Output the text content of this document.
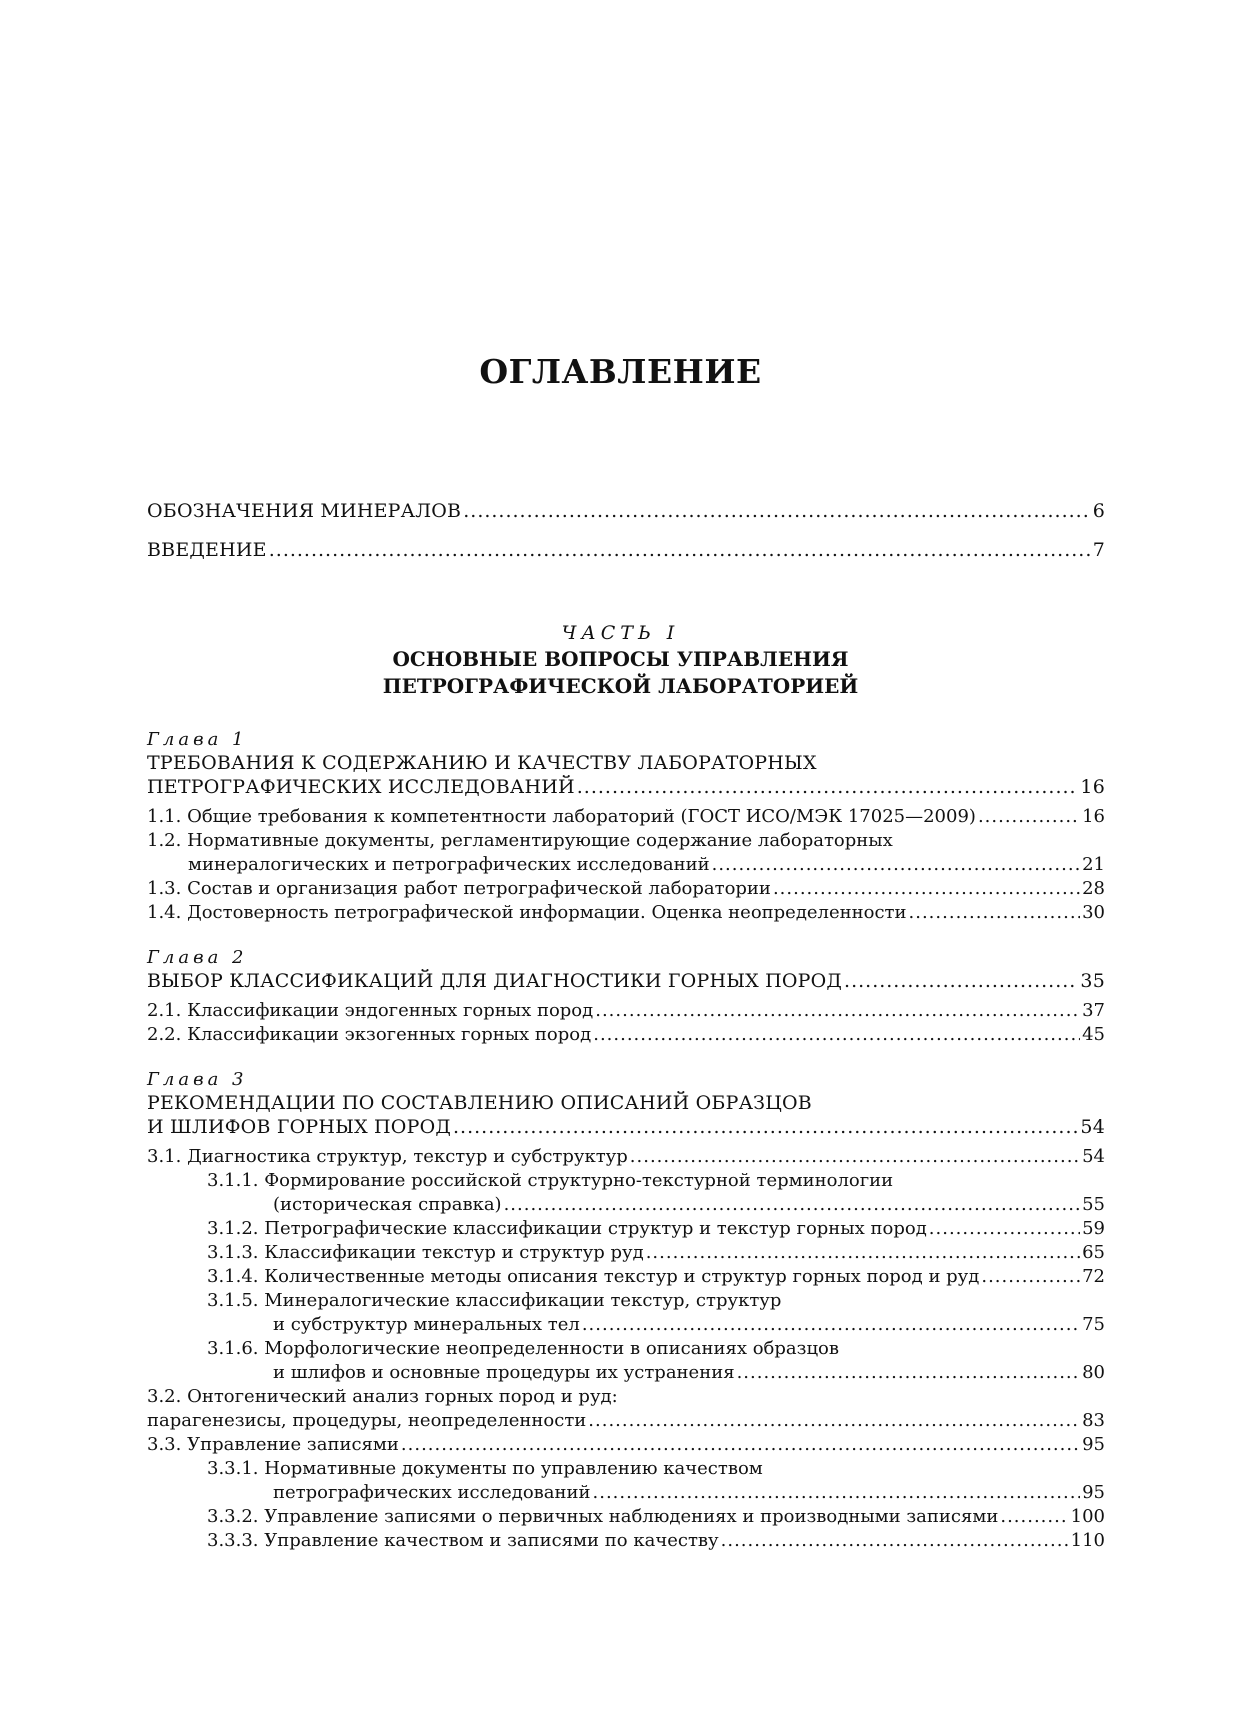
ОГЛАВЛЕНИЕ
ОБОЗНАЧЕНИЯ МИНЕРАЛОВ .....	6
ВВЕДЕНИЕ .....	7
ЧАСТЬ I
ОСНОВНЫЕ ВОПРОСЫ УПРАВЛЕНИЯ
ПЕТРОГРАФИЧЕСКОЙ ЛАБОРАТОРИЕЙ
Глава 1
ТРЕБОВАНИЯ К СОДЕРЖАНИЮ И КАЧЕСТВУ ЛАБОРАТОРНЫХ
ПЕТРОГРАФИЧЕСКИХ ИССЛЕДОВАНИЙ .....	16
1.1. Общие требования к компетентности лабораторий (ГОСТ ИСО/МЭК 17025—2009) .....	16
1.2. Нормативные документы, регламентирующие содержание лабораторных
минералогических и петрографических исследований .....	21
1.3. Состав и организация работ петрографической лаборатории .....	28
1.4. Достоверность петрографической информации. Оценка неопределенности .....	30
Глава 2
ВЫБОР КЛАССИФИКАЦИЙ ДЛЯ ДИАГНОСТИКИ ГОРНЫХ ПОРОД .....	35
2.1. Классификации эндогенных горных пород .....	37
2.2. Классификации экзогенных горных пород .....	45
Глава 3
РЕКОМЕНДАЦИИ ПО СОСТАВЛЕНИЮ ОПИСАНИЙ ОБРАЗЦОВ
И ШЛИФОВ ГОРНЫХ ПОРОД .....	54
3.1. Диагностика структур, текстур и субструктур .....	54
3.1.1. Формирование российской структурно-текстурной терминологии
(историческая справка) .....	55
3.1.2. Петрографические классификации структур и текстур горных пород .....	59
3.1.3. Классификации текстур и структур руд .....	65
3.1.4. Количественные методы описания текстур и структур горных пород и руд .....	72
3.1.5. Минералогические классификации текстур, структур
и субструктур минеральных тел .....	75
3.1.6. Морфологические неопределенности в описаниях образцов
и шлифов и основные процедуры их устранения .....	80
3.2. Онтогенический анализ горных пород и руд:
парагенезисы, процедуры, неопределенности .....	83
3.3. Управление записями .....	95
3.3.1. Нормативные документы по управлению качеством
петрографических исследований .....	95
3.3.2. Управление записями о первичных наблюдениях и производными записями .....	100
3.3.3. Управление качеством и записями по качеству .....	110
